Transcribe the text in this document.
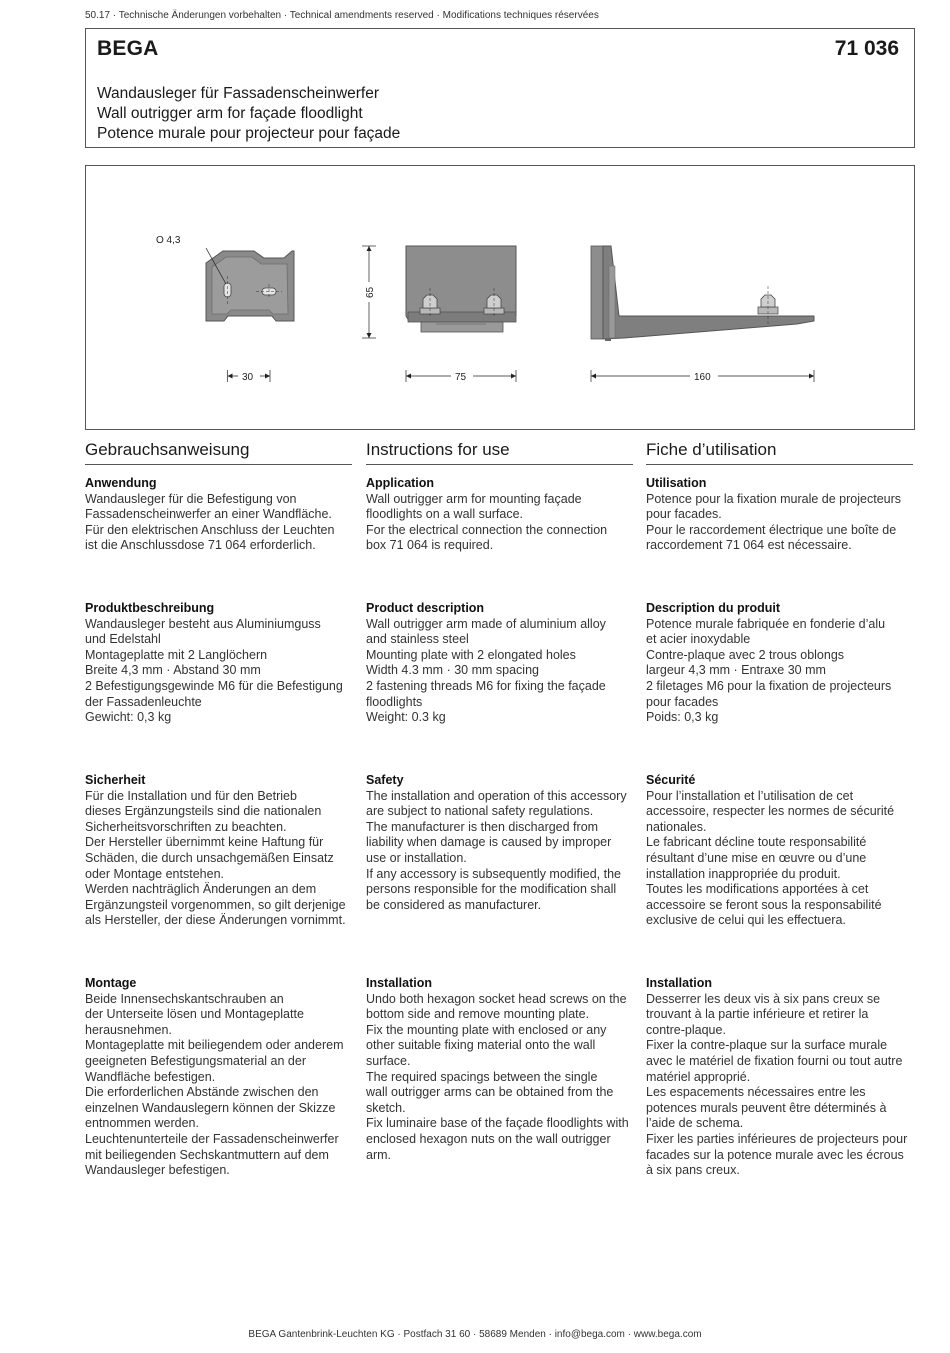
50.17 · Technische Änderungen vorbehalten · Technical amendments reserved · Modifications techniques réservées
BEGA	71 036
Wandausleger für Fassadenscheinwerfer
Wall outrigger arm for façade floodlight
Potence murale pour projecteur pour façade
O 4,3
30
65
75	160
Gebrauchsanweisung
Anwendung
Wandausleger für die Befestigung von
Fassadenscheinwerfer an einer Wandfläche.
Für den elektrischen Anschluss der Leuchten
ist die Anschlussdose 71 064 erforderlich.
Produktbeschreibung
Wandausleger besteht aus Aluminiumguss
und Edelstahl
Montageplatte mit 2 Langlöchern
Breite 4,3 mm · Abstand 30 mm
2 Befestigungsgewinde M6 für die Befestigung
der Fassadenleuchte
Gewicht: 0,3 kg
Sicherheit
Für die Installation und für den Betrieb
dieses Ergänzungsteils sind die nationalen
Sicherheitsvorschriften zu beachten.
Der Hersteller übernimmt keine Haftung für
Schäden, die durch unsachgemäßen Einsatz
oder Montage entstehen.
Werden nachträglich Änderungen an dem
Ergänzungsteil vorgenommen, so gilt derjenige
als Hersteller, der diese Änderungen vornimmt.
Montage
Beide Innensechskantschrauben an
der Unterseite lösen und Montageplatte
herausnehmen.
Montageplatte mit beiliegendem oder anderem
geeigneten Befestigungsmaterial an der
Wandfläche befestigen.
Die erforderlichen Abstände zwischen den
einzelnen Wandauslegern können der Skizze
entnommen werden.
Leuchtenunterteile der Fassadenscheinwerfer
mit beiliegenden Sechskantmuttern auf dem
Wandausleger befestigen.
Instructions for use
Application
Wall outrigger arm for mounting façade
floodlights on a wall surface.
For the electrical connection the connection
box 71 064 is required.
Product description
Wall outrigger arm made of aluminium alloy
and stainless steel
Mounting plate with 2 elongated holes
Width 4.3 mm · 30 mm spacing
2 fastening threads M6 for fixing the façade
floodlights
Weight: 0.3 kg
Safety
The installation and operation of this accessory
are subject to national safety regulations.
The manufacturer is then discharged from
liability when damage is caused by improper
use or installation.
If any accessory is subsequently modified, the
persons responsible for the modification shall
be considered as manufacturer.
Installation
Undo both hexagon socket head screws on the
bottom side and remove mounting plate.
Fix the mounting plate with enclosed or any
other suitable fixing material onto the wall
surface.
The required spacings between the single
wall outrigger arms can be obtained from the
sketch.
Fix luminaire base of the façade floodlights with
enclosed hexagon nuts on the wall outrigger
arm.
Fiche d’utilisation
Utilisation
Potence pour la fixation murale de projecteurs
pour facades.
Pour le raccordement électrique une boîte de
raccordement 71 064 est nécessaire.
Description du produit
Potence murale fabriquée en fonderie d’alu
et acier inoxydable
Contre-plaque avec 2 trous oblongs
largeur 4,3 mm · Entraxe 30 mm
2 filetages M6 pour la fixation de projecteurs
pour facades
Poids: 0,3 kg
Sécurité
Pour l’installation et l’utilisation de cet
accessoire, respecter les normes de sécurité
nationales.
Le fabricant décline toute responsabilité
résultant d’une mise en œuvre ou d’une
installation inappropriée du produit.
Toutes les modifications apportées à cet
accessoire se feront sous la responsabilité
exclusive de celui qui les effectuera.
Installation
Desserrer les deux vis à six pans creux se
trouvant à la partie inférieure et retirer la
contre-plaque.
Fixer la contre-plaque sur la surface murale
avec le matériel de fixation fourni ou tout autre
matériel approprié.
Les espacements nécessaires entre les
potences murals peuvent être déterminés à
l’aide de schema.
Fixer les parties inférieures de projecteurs pour
facades sur la potence murale avec les écrous
à six pans creux.
BEGA Gantenbrink-Leuchten KG · Postfach 31 60 · 58689 Menden · info@bega.com · www.bega.com
